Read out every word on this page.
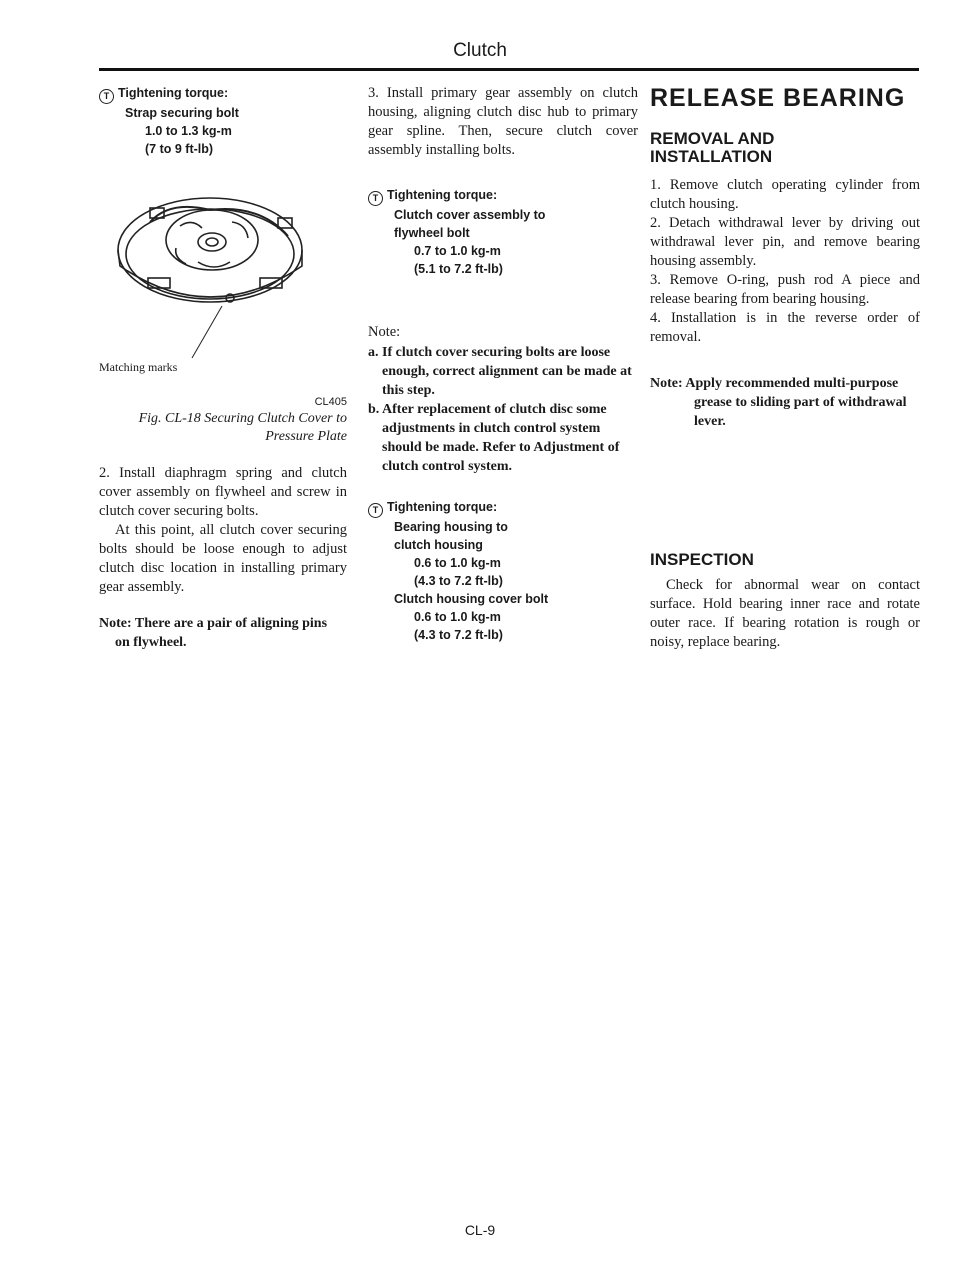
Clutch
T Tightening torque:
Strap securing bolt
1.0 to 1.3 kg-m
(7 to 9 ft-lb)
Matching marks
CL405
Fig. CL-18 Securing Clutch Cover to
Pressure Plate
2. Install diaphragm spring and clutch cover assembly on flywheel and screw in clutch cover securing bolts.
At this point, all clutch cover securing bolts should be loose enough to adjust clutch disc location in installing primary gear assembly.
Note: There are a pair of aligning pins
on flywheel.
3. Install primary gear assembly on clutch housing, aligning clutch disc hub to primary gear spline. Then, secure clutch cover assembly installing bolts.
T Tightening torque:
Clutch cover assembly to
flywheel bolt
0.7 to 1.0 kg-m
(5.1 to 7.2 ft-lb)
Note:
a. If clutch cover securing bolts are loose enough, correct alignment can be made at this step.
b. After replacement of clutch disc some adjustments in clutch control system should be made. Refer to Adjustment of clutch control system.
T Tightening torque:
Bearing housing to
clutch housing
0.6 to 1.0 kg-m
(4.3 to 7.2 ft-lb)
Clutch housing cover bolt
0.6 to 1.0 kg-m
(4.3 to 7.2 ft-lb)
RELEASE BEARING
REMOVAL AND
INSTALLATION

1. Remove clutch operating cylinder from clutch housing.

2. Detach withdrawal lever by driving out withdrawal lever pin, and remove bearing housing assembly.

3. Remove O-ring, push rod A piece and release bearing from bearing housing.

4. Installation is in the reverse order of removal.

Note: Apply recommended multi-purpose grease to sliding part of withdrawal lever.
INSPECTION
Check for abnormal wear on contact surface. Hold bearing inner race and rotate outer race. If bearing rotation is rough or noisy, replace bearing.
CL-9
